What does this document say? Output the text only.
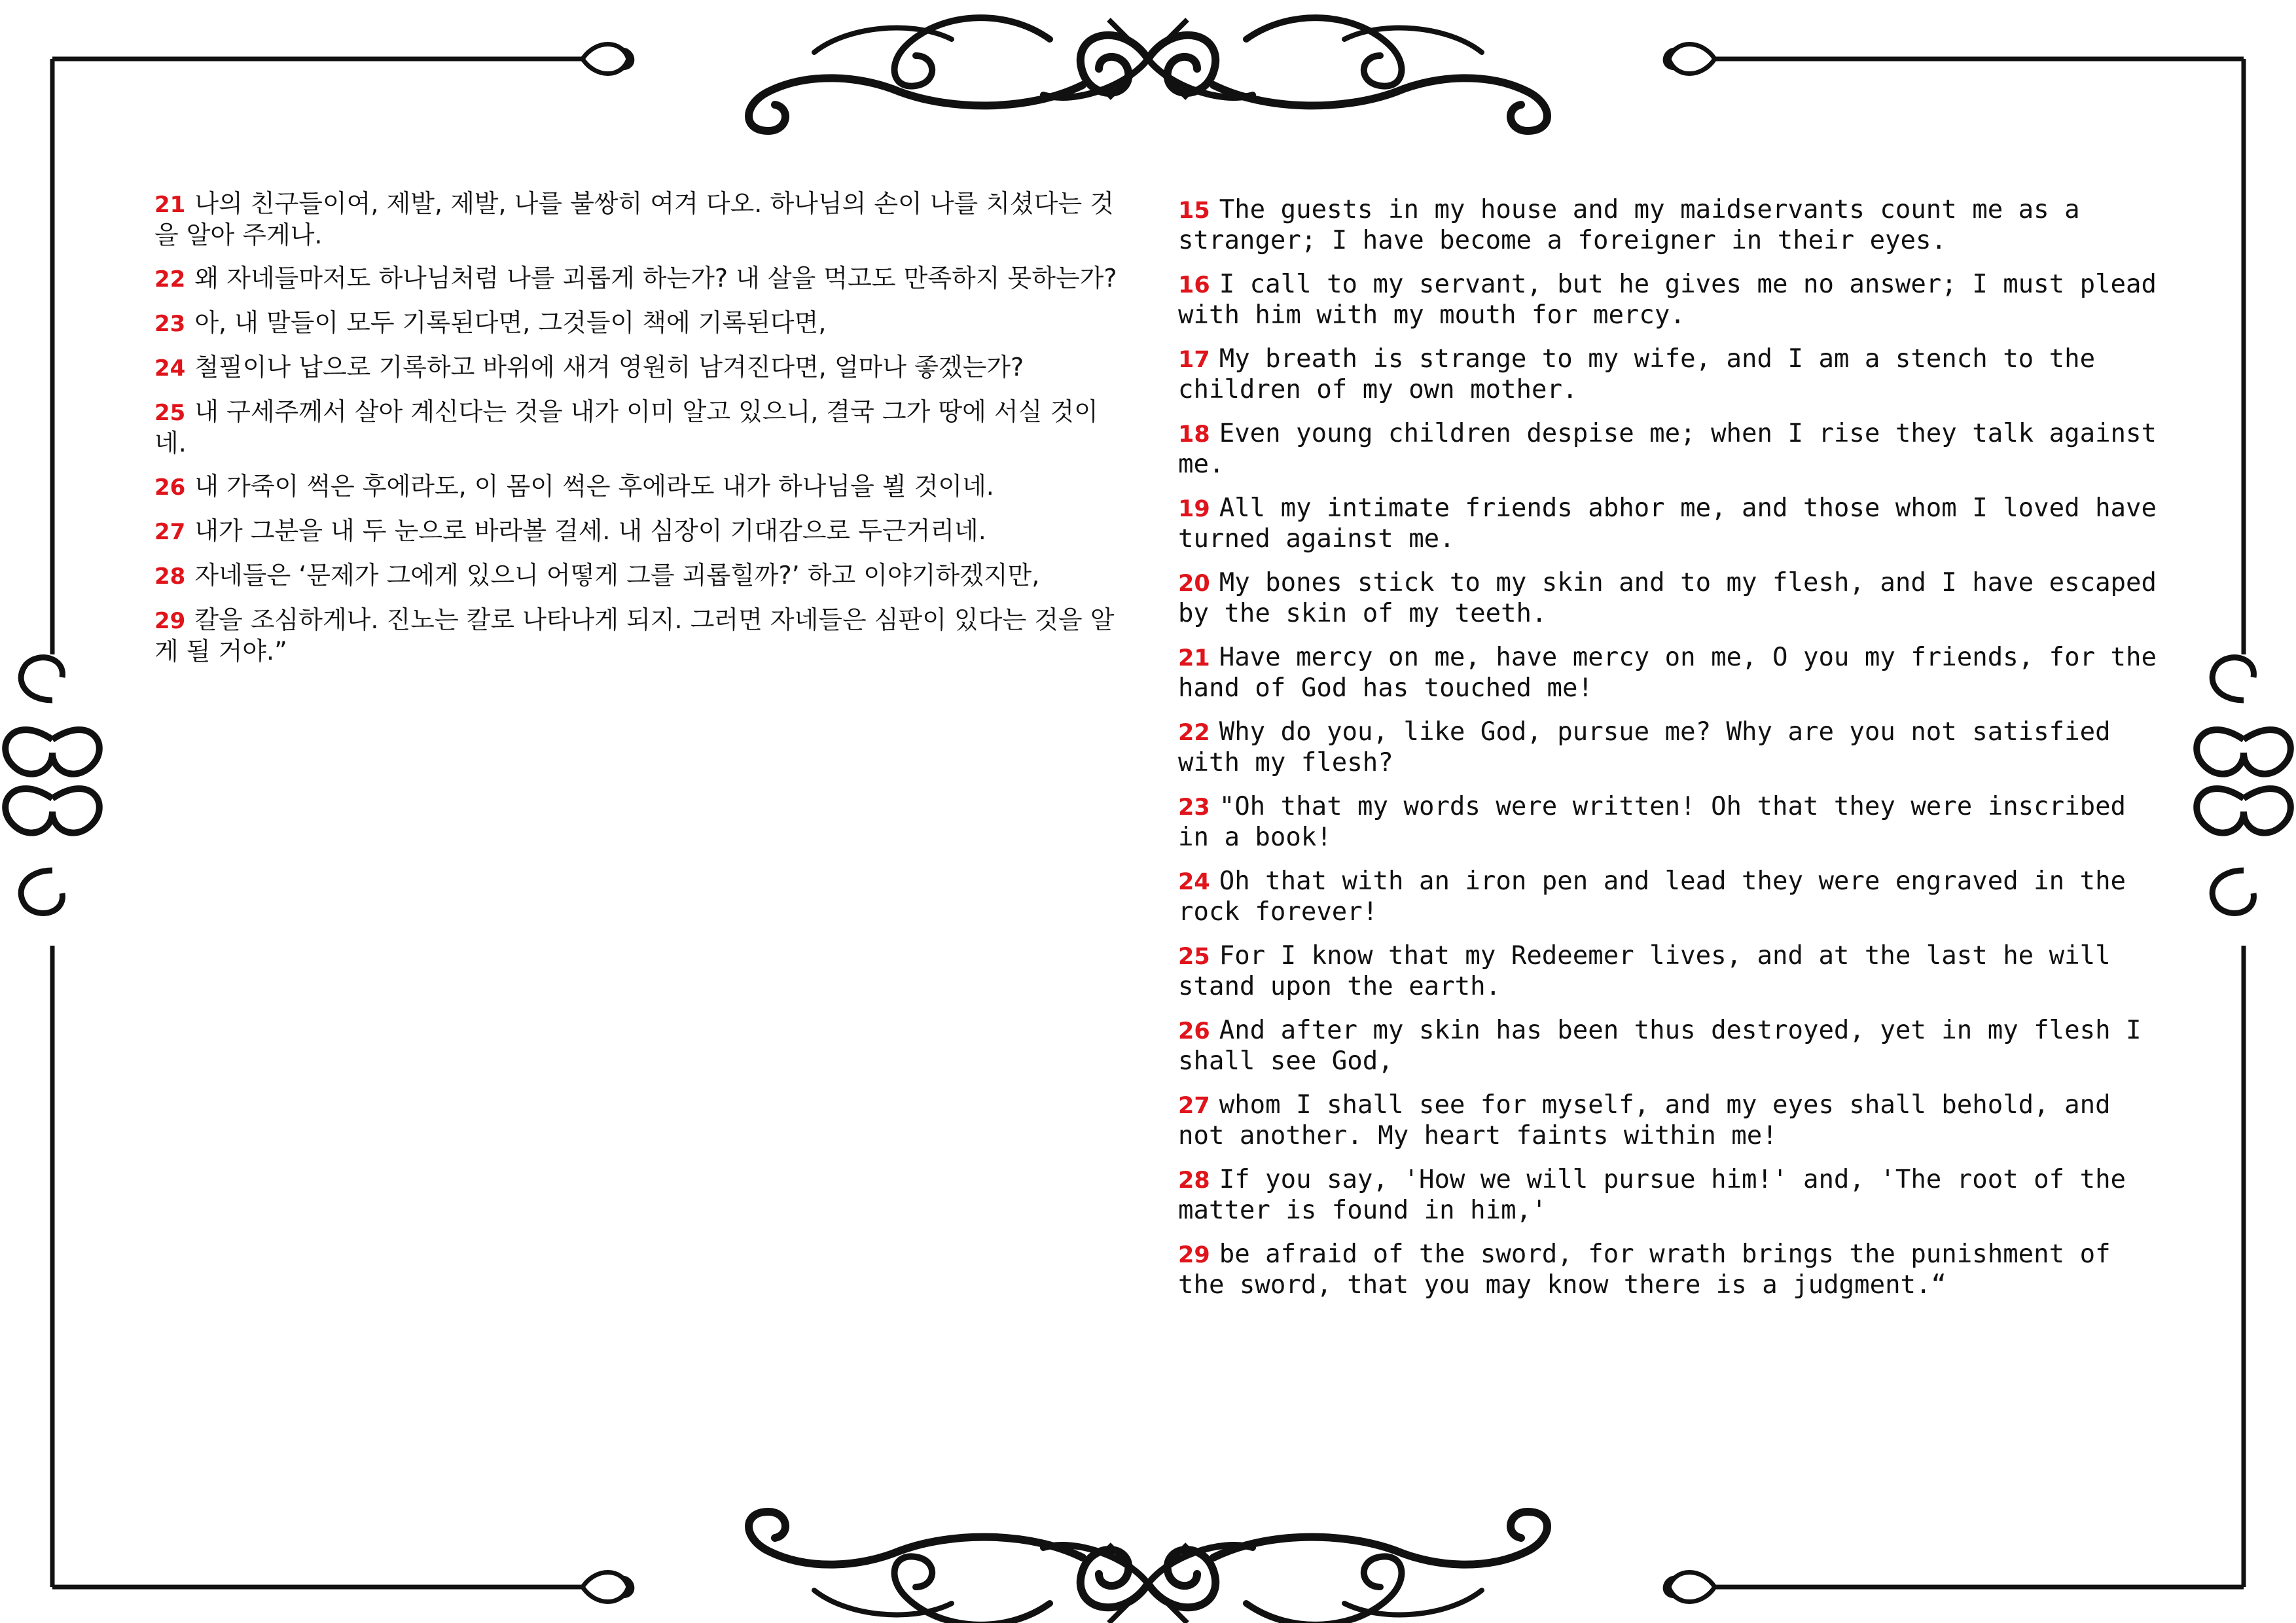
21 나의 친구들이여, 제발, 제발, 나를 불쌍히 여겨 다오. 하나님의 손이 나를 치셨다는 것을 알아 주게나.

22 왜 자네들마저도 하나님처럼 나를 괴롭게 하는가? 내 살을 먹고도 만족하지 못하는가?

23 아, 내 말들이 모두 기록된다면, 그것들이 책에 기록된다면,

24 철필이나 납으로 기록하고 바위에 새겨 영원히 남겨진다면, 얼마나 좋겠는가?

25 내 구세주께서 살아 계신다는 것을 내가 이미 알고 있으니, 결국 그가 땅에 서실 것이네.

26 내 가죽이 썩은 후에라도, 이 몸이 썩은 후에라도 내가 하나님을 뵐 것이네.

27 내가 그분을 내 두 눈으로 바라볼 걸세. 내 심장이 기대감으로 두근거리네.

28 자네들은 ‘문제가 그에게 있으니 어떻게 그를 괴롭힐까?’ 하고 이야기하겠지만,

29 칼을 조심하게나. 진노는 칼로 나타나게 되지. 그러면 자네들은 심판이 있다는 것을 알게 될 거야.”

15 The guests in my house and my maidservants count me as a stranger; I have become a foreigner in their eyes.

16 I call to my servant, but he gives me no answer; I must plead with him with my mouth for mercy.

17 My breath is strange to my wife, and I am a stench to the children of my own mother.

18 Even young children despise me; when I rise they talk against me.

19 All my intimate friends abhor me, and those whom I loved have turned against me.

20 My bones stick to my skin and to my flesh, and I have escaped by the skin of my teeth.

21 Have mercy on me, have mercy on me, O you my friends, for the hand of God has touched me!

22 Why do you, like God, pursue me? Why are you not satisfied with my flesh?

23 "Oh that my words were written! Oh that they were inscribed in a book!

24 Oh that with an iron pen and lead they were engraved in the rock forever!

25 For I know that my Redeemer lives, and at the last he will stand upon the earth.

26 And after my skin has been thus destroyed, yet in my flesh I shall see God,

27 whom I shall see for myself, and my eyes shall behold, and not another. My heart faints within me!

28 If you say, 'How we will pursue him!' and, 'The root of the matter is found in him,'

29 be afraid of the sword, for wrath brings the punishment of the sword, that you may know there is a judgment.“
